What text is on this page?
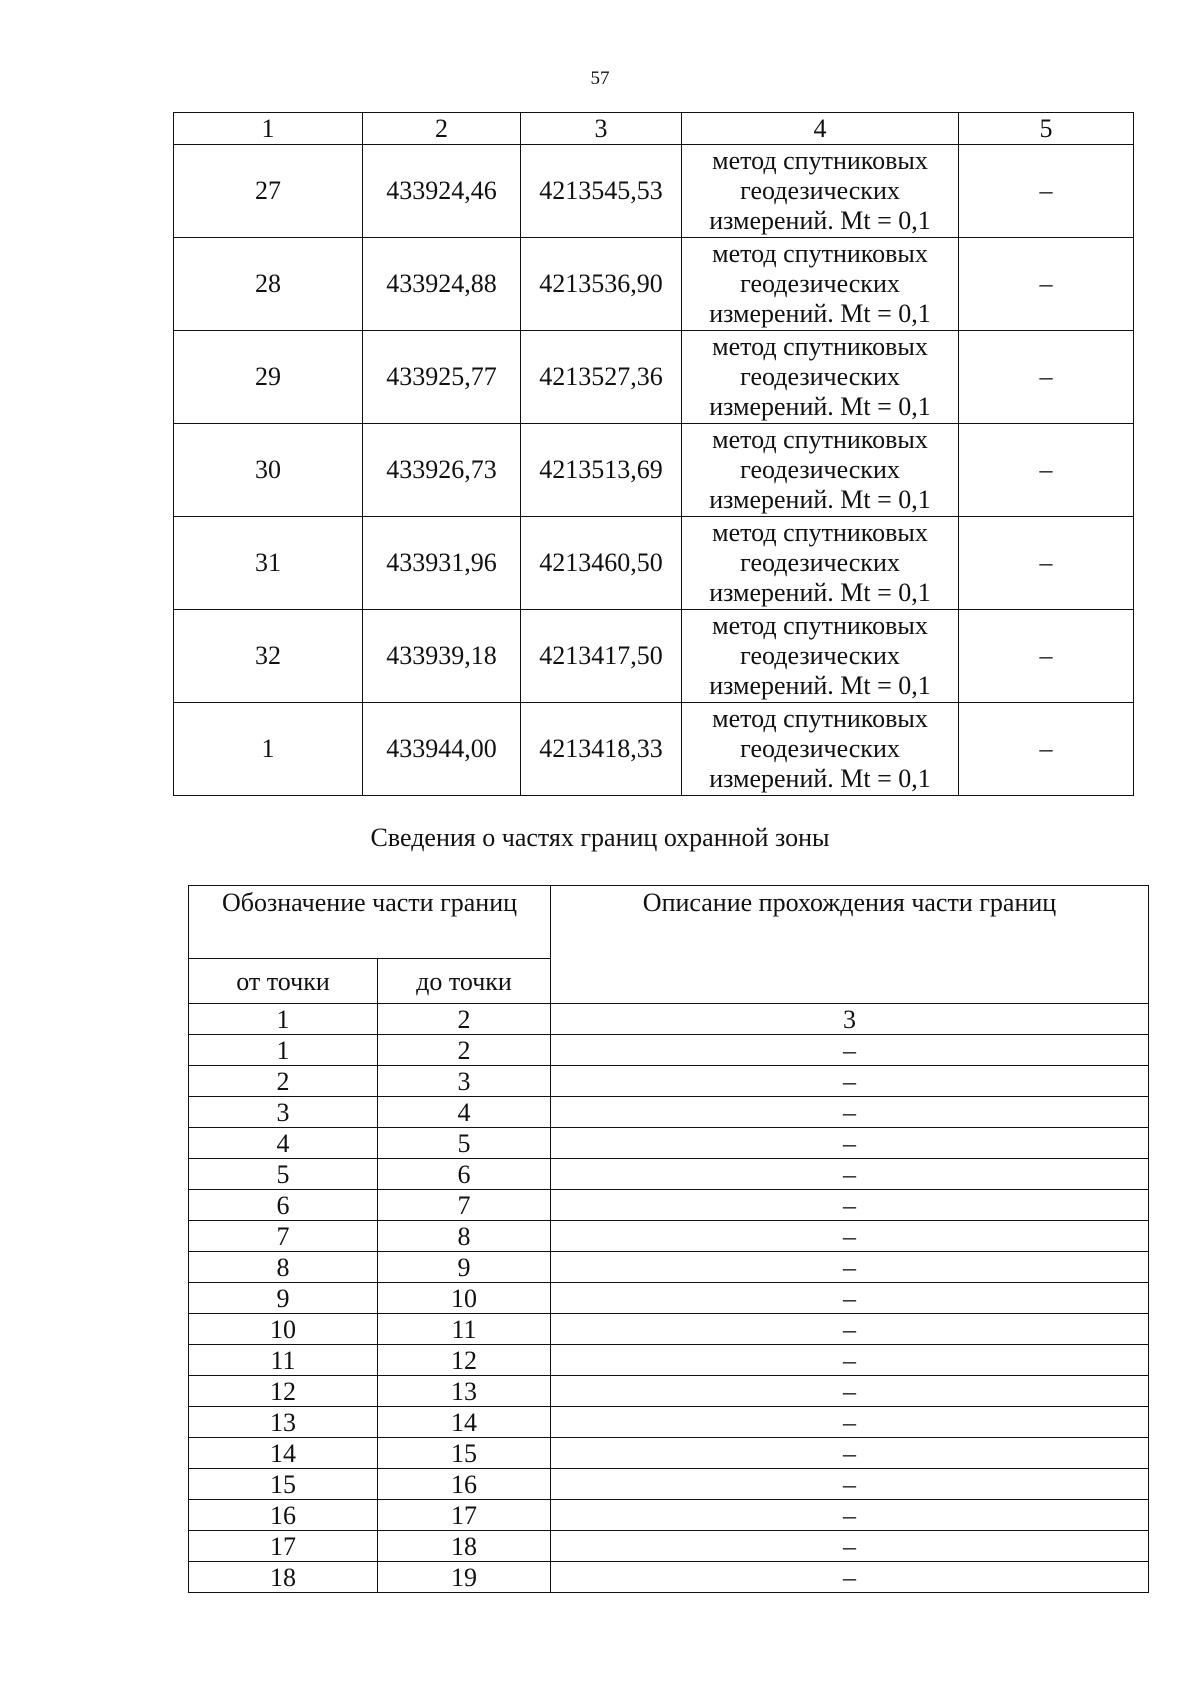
57
1	2	3	4	5
27	433924,46	4213545,53	метод спутниковых геодезических измерений. Mt = 0,1	–
28	433924,88	4213536,90	метод спутниковых геодезических измерений. Mt = 0,1	–
29	433925,77	4213527,36	метод спутниковых геодезических измерений. Mt = 0,1	–
30	433926,73	4213513,69	метод спутниковых геодезических измерений. Mt = 0,1	–
31	433931,96	4213460,50	метод спутниковых геодезических измерений. Mt = 0,1	–
32	433939,18	4213417,50	метод спутниковых геодезических измерений. Mt = 0,1	–
1	433944,00	4213418,33	метод спутниковых геодезических измерений. Mt = 0,1	–
Сведения о частях границ охранной зоны
Обозначение части границ		Описание прохождения части границ
от точки	до точки	
1	2	3
1	2	–
2	3	–
3	4	–
4	5	–
5	6	–
6	7	–
7	8	–
8	9	–
9	10	–
10	11	–
11	12	–
12	13	–
13	14	–
14	15	–
15	16	–
16	17	–
17	18	–
18	19	–
